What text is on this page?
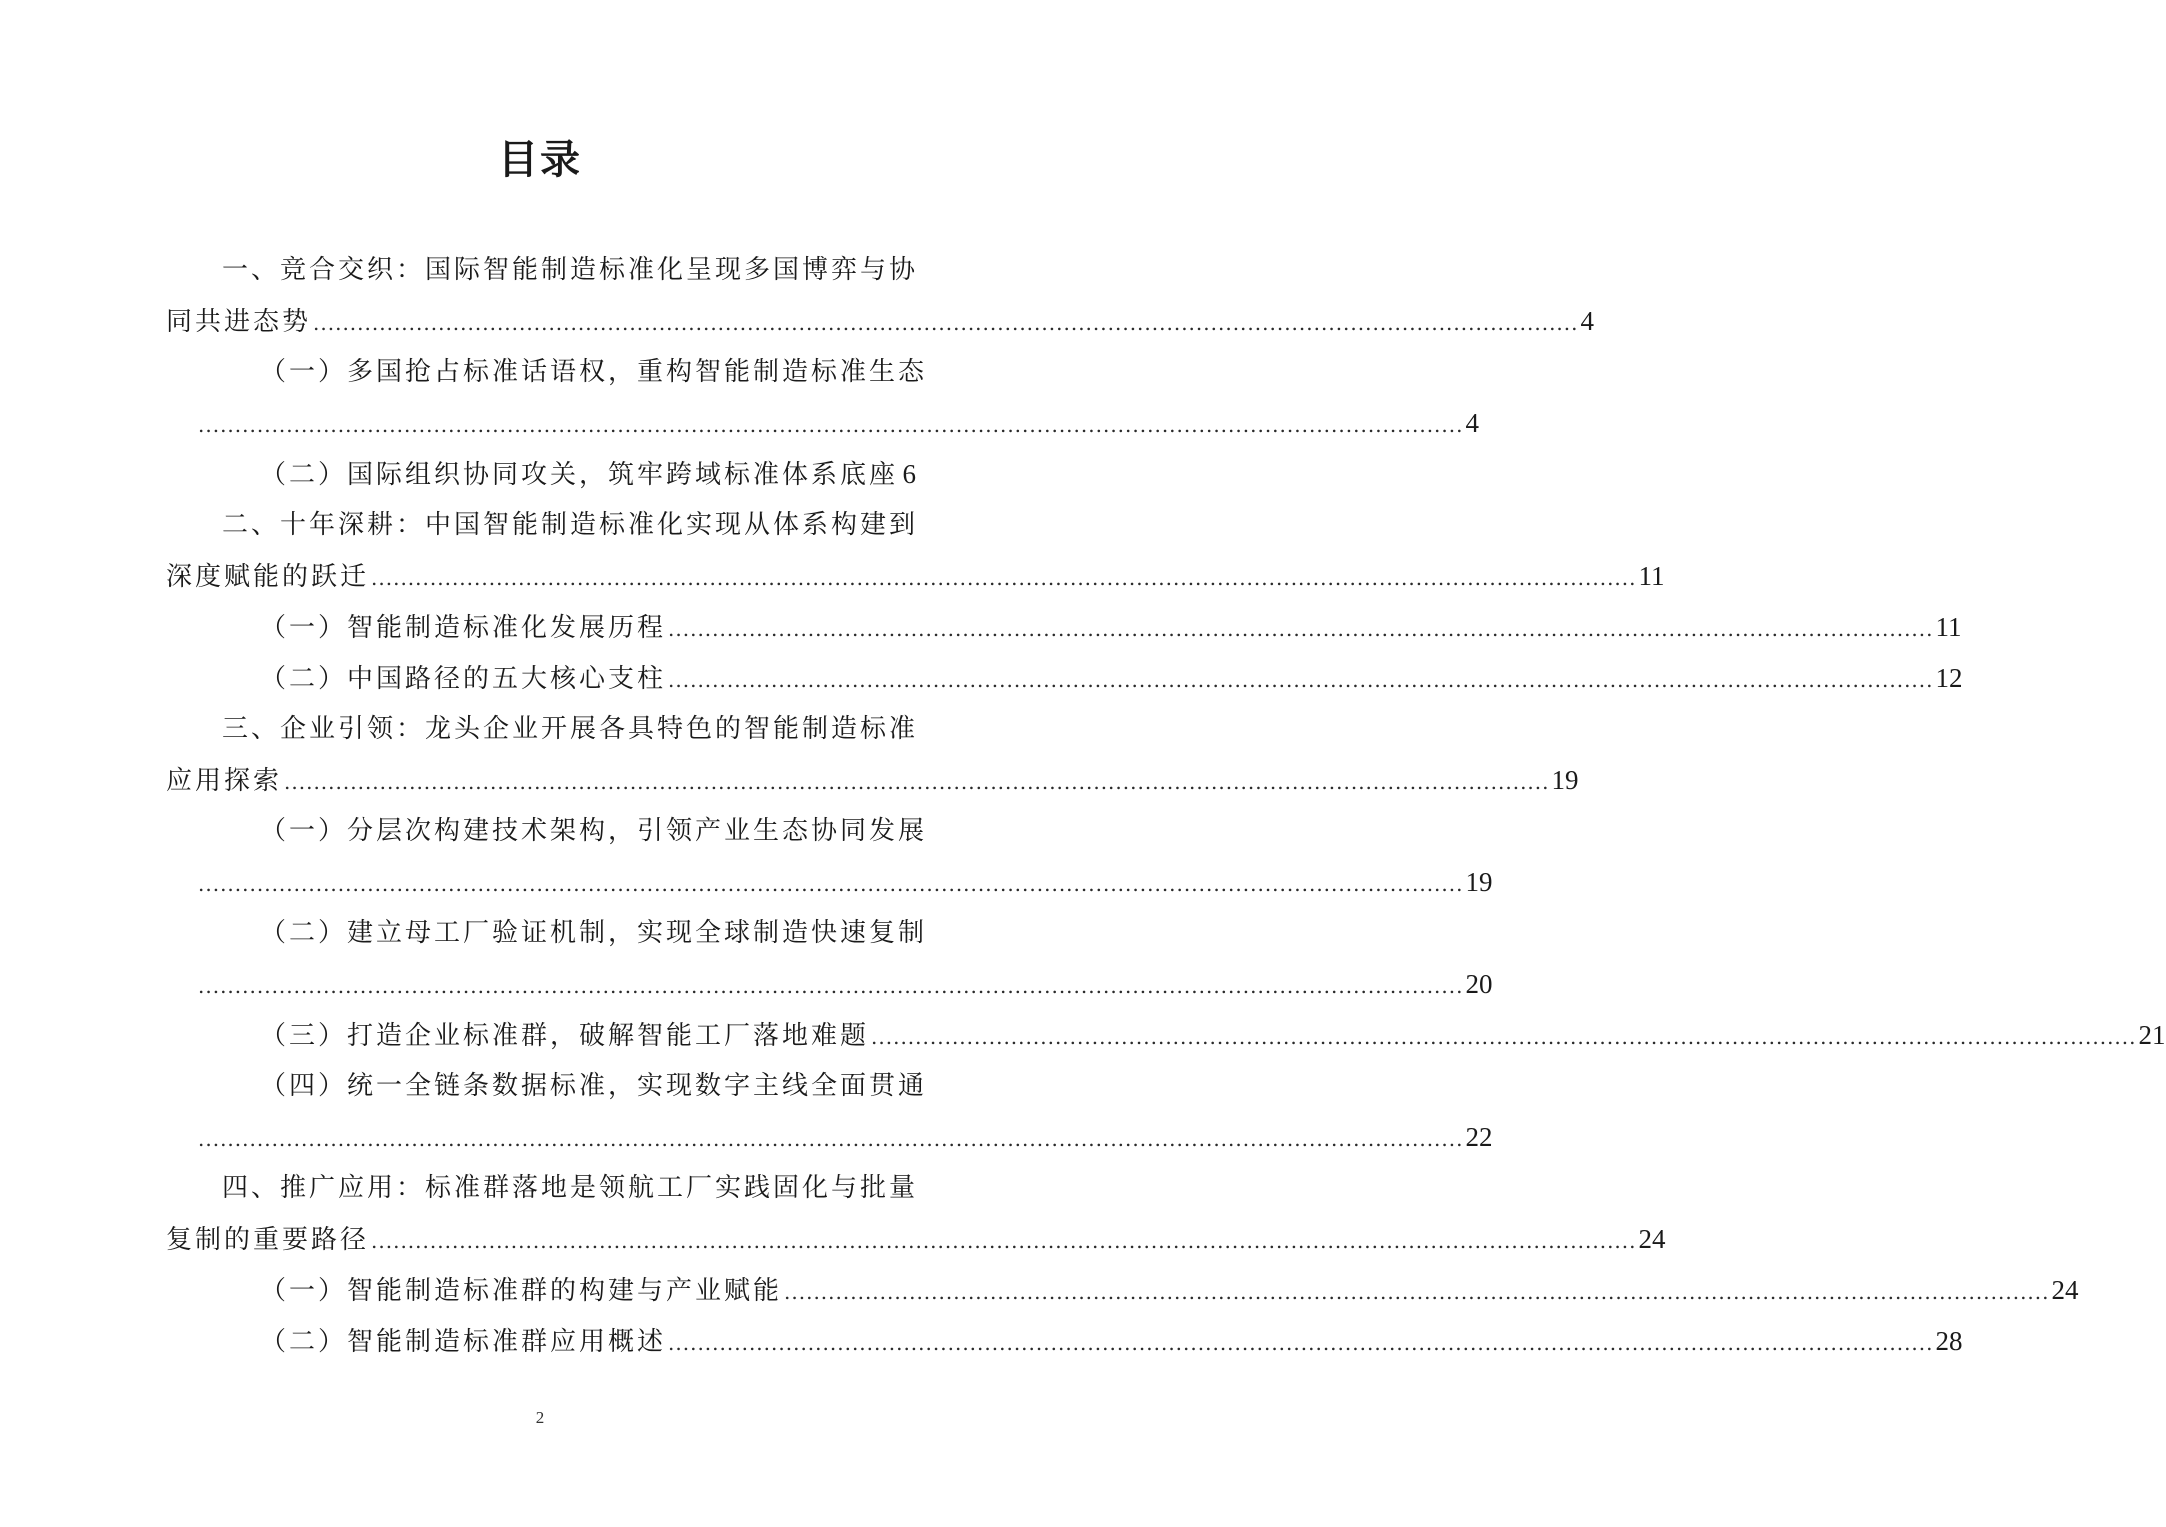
目录
一、竞合交织：国际智能制造标准化呈现多国博弈与协
同共进态势 ............................................................................................................................................................................ 4
（一）多国抢占标准话语权，重构智能制造标准生态
............................................................................................................................................................................ 4
（二）国际组织协同攻关，筑牢跨域标准体系底座 6
二、十年深耕：中国智能制造标准化实现从体系构建到
深度赋能的跃迁 ............................................................................................................................................................................ 11
（一）智能制造标准化发展历程 ............................................................................................................................................................................ 11
（二）中国路径的五大核心支柱 ............................................................................................................................................................................ 12
三、企业引领：龙头企业开展各具特色的智能制造标准
应用探索 ............................................................................................................................................................................ 19
（一）分层次构建技术架构，引领产业生态协同发展
............................................................................................................................................................................ 19
（二）建立母工厂验证机制，实现全球制造快速复制
............................................................................................................................................................................ 20
（三）打造企业标准群，破解智能工厂落地难题 ............................................................................................................................................................................ 21
（四）统一全链条数据标准，实现数字主线全面贯通
............................................................................................................................................................................ 22
四、推广应用：标准群落地是领航工厂实践固化与批量
复制的重要路径 ............................................................................................................................................................................ 24
（一）智能制造标准群的构建与产业赋能 ............................................................................................................................................................................ 24
（二）智能制造标准群应用概述 ............................................................................................................................................................................ 28
2
